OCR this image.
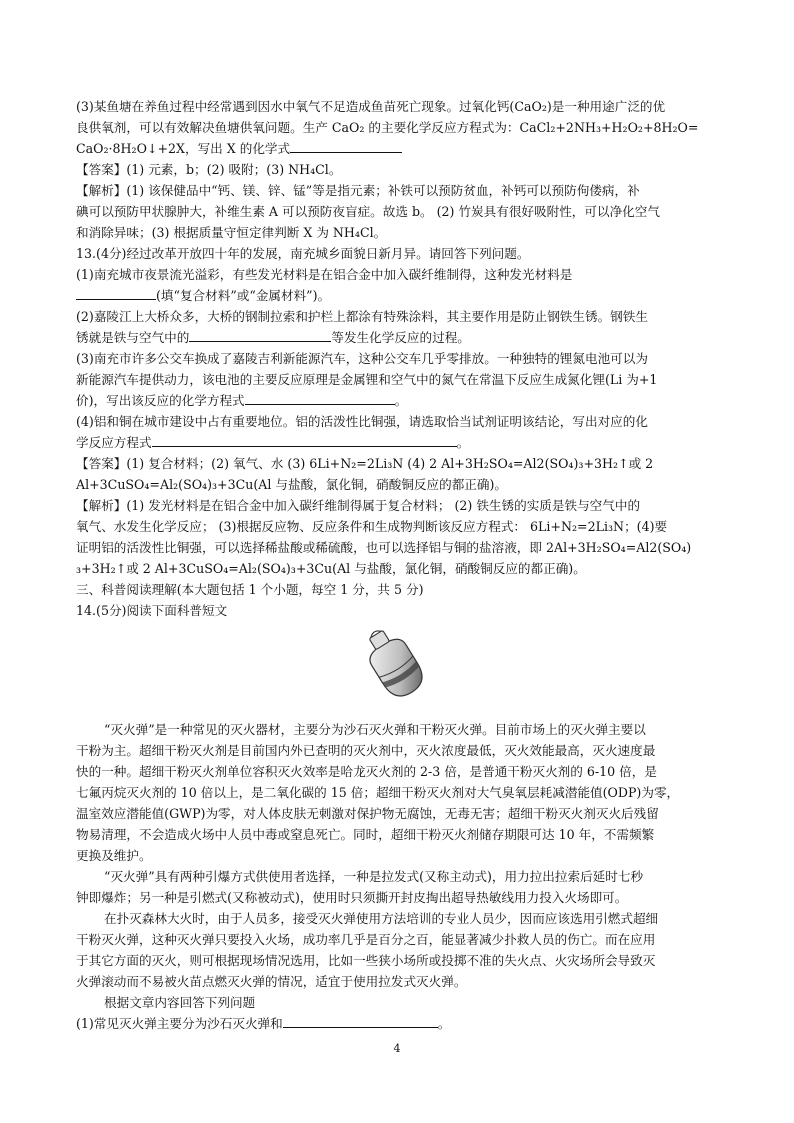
(3)某鱼塘在养鱼过程中经常遇到因水中氧气不足造成鱼苗死亡现象。过氧化钙(CaO₂)是一种用途广泛的优
良供氧剂，可以有效解决鱼塘供氧问题。生产 CaO₂ 的主要化学反应方程式为：CaCl₂+2NH₃+H₂O₂+8H₂O=
CaO₂·8H₂O↓+2X，写出 X 的化学式
【答案】(1) 元素，b；(2) 吸附；(3) NH₄Cl。
【解析】(1) 该保健品中“钙、镁、锌、锰”等是指元素；补铁可以预防贫血，补钙可以预防佝偻病，补
碘可以预防甲状腺肿大，补维生素 A 可以预防夜盲症。故选 b。 (2) 竹炭具有很好吸附性，可以净化空气
和消除异味；(3) 根据质量守恒定律判断 X 为 NH₄Cl。
13.(4分)经过改革开放四十年的发展，南充城乡面貌日新月异。请回答下列问题。
(1)南充城市夜景流光溢彩，有些发光材料是在铝合金中加入碳纤维制得，这种发光材料是
(填“复合材料”或“金属材料”)。
(2)嘉陵江上大桥众多，大桥的钢制拉索和护栏上都涂有特殊涂料，其主要作用是防止钢铁生锈。钢铁生
锈就是铁与空气中的	等发生化学反应的过程。
(3)南充市许多公交车换成了嘉陵吉利新能源汽车，这种公交车几乎零排放。一种独特的锂氮电池可以为
新能源汽车提供动力，该电池的主要反应原理是金属锂和空气中的氮气在常温下反应生成氮化锂(Li 为+1
价)，写出该反应的化学方程式	。
(4)铝和铜在城市建设中占有重要地位。铝的活泼性比铜强，请选取恰当试剂证明该结论，写出对应的化
学反应方程式	。
【答案】(1) 复合材料；(2) 氧气、水 (3) 6Li+N₂=2Li₃N (4) 2 Al+3H₂SO₄=Al2(SO₄)₃+3H₂↑或 2
Al+3CuSO₄=Al₂(SO₄)₃+3Cu(Al 与盐酸，氯化铜，硝酸铜反应的都正确)。
【解析】(1) 发光材料是在铝合金中加入碳纤维制得属于复合材料； (2) 铁生锈的实质是铁与空气中的
氧气、水发生化学反应； (3)根据反应物、反应条件和生成物判断该反应方程式： 6Li+N₂=2Li₃N；(4)要
证明铝的活泼性比铜强，可以选择稀盐酸或稀硫酸，也可以选择铝与铜的盐溶液，即 2Al+3H₂SO₄=Al2(SO₄)
₃+3H₂↑或 2 Al+3CuSO₄=Al₂(SO₄)₃+3Cu(Al 与盐酸，氯化铜，硝酸铜反应的都正确)。
三、科普阅读理解(本大题包括 1 个小题，每空 1 分，共 5 分)
14.(5分)阅读下面科普短文
“灭火弹”是一种常见的灭火器材，主要分为沙石灭火弹和干粉灭火弹。目前市场上的灭火弹主要以
干粉为主。超细干粉灭火剂是目前国内外已查明的灭火剂中，灭火浓度最低，灭火效能最高，灭火速度最
快的一种。超细干粉灭火剂单位容积灭火效率是哈龙灭火剂的 2-3 倍，是普通干粉灭火剂的 6-10 倍，是
七氟丙烷灭火剂的 10 倍以上，是二氧化碳的 15 倍；超细干粉灭火剂对大气臭氧层耗减潜能值(ODP)为零，
温室效应潜能值(GWP)为零，对人体皮肤无刺激对保护物无腐蚀，无毒无害；超细干粉灭火剂灭火后残留
物易清理，不会造成火场中人员中毒或窒息死亡。同时，超细干粉灭火剂储存期限可达 10 年，不需频繁
更换及维护。
“灭火弹”具有两种引爆方式供使用者选择，一种是拉发式(又称主动式)，用力拉出拉索后延时七秒
钟即爆炸；另一种是引燃式(又称被动式)，使用时只须撕开封皮掏出超导热敏线用力投入火场即可。
在扑灭森林大火时，由于人员多，接受灭火弹使用方法培训的专业人员少，因而应该选用引燃式超细
干粉灭火弹，这种灭火弹只要投入火场，成功率几乎是百分之百，能显著减少扑救人员的伤亡。而在应用
于其它方面的灭火，则可根据现场情况选用，比如一些狭小场所或投掷不准的失火点、火灾场所会导致灭
火弹滚动而不易被火苗点燃灭火弹的情况，适宜于使用拉发式灭火弹。
根据文章内容回答下列问题
(1)常见灭火弹主要分为沙石灭火弹和	。
4
